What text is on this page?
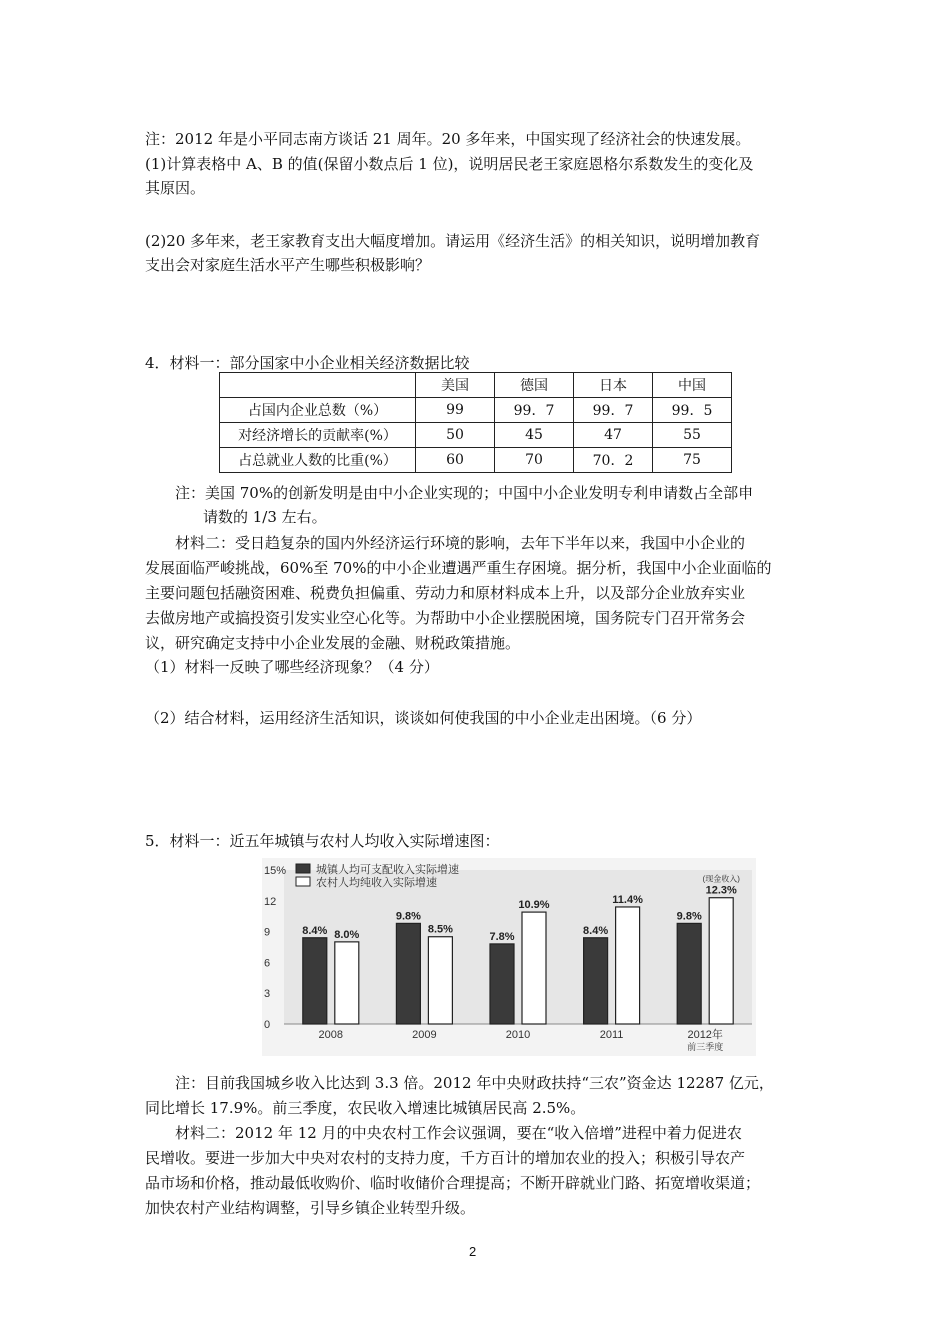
注：2012 年是小平同志南方谈话 21 周年。20 多年来，中国实现了经济社会的快速发展。
(1)计算表格中 A、B 的值(保留小数点后 1 位)，说明居民老王家庭恩格尔系数发生的变化及
其原因。
(2)20 多年来，老王家教育支出大幅度增加。请运用《经济生活》的相关知识，说明增加教育
支出会对家庭生活水平产生哪些积极影响？
4．材料一：部分国家中小企业相关经济数据比较
	美国	德国	日本	中国
占国内企业总数（%）	99	99．7	99．7	99．5
对经济增长的贡献率(%）	50	45	47	55
占总就业人数的比重(%）	60	70	70．2	75
注：美国 70%的创新发明是由中小企业实现的；中国中小企业发明专利申请数占全部申
请数的 1/3 左右。
材料二：受日趋复杂的国内外经济运行环境的影响，去年下半年以来，我国中小企业的
发展面临严峻挑战，60%至 70%的中小企业遭遇严重生存困境。据分析，我国中小企业面临的
主要问题包括融资困难、税费负担偏重、劳动力和原材料成本上升，以及部分企业放弃实业
去做房地产或搞投资引发实业空心化等。为帮助中小企业摆脱困境，国务院专门召开常务会
议，研究确定支持中小企业发展的金融、财税政策措施。
（1）材料一反映了哪些经济现象？（4 分）
（2）结合材料，运用经济生活知识，谈谈如何使我国的中小企业走出困境。（6 分）
5．材料一：近五年城镇与农村人均收入实际增速图：
15%
12
9
6
3
0
8.4% 8.0%
2008
9.8%
8.5%
2009
7.8%
10.9%
2010
8.4%
11.4%
2011
9.8%
12.3%
2012年
前三季度
(现金收入)
城镇人均可支配收入实际增速
农村人均纯收入实际增速
注：目前我国城乡收入比达到 3.3 倍。2012 年中央财政扶持“三农”资金达 12287 亿元，
同比增长 17.9%。前三季度，农民收入增速比城镇居民高 2.5%。
材料二：2012 年 12 月的中央农村工作会议强调，要在“收入倍增”进程中着力促进农
民增收。要进一步加大中央对农村的支持力度，千方百计的增加农业的投入；积极引导农产
品市场和价格，推动最低收购价、临时收储价合理提高；不断开辟就业门路、拓宽增收渠道；
加快农村产业结构调整，引导乡镇企业转型升级。
2
